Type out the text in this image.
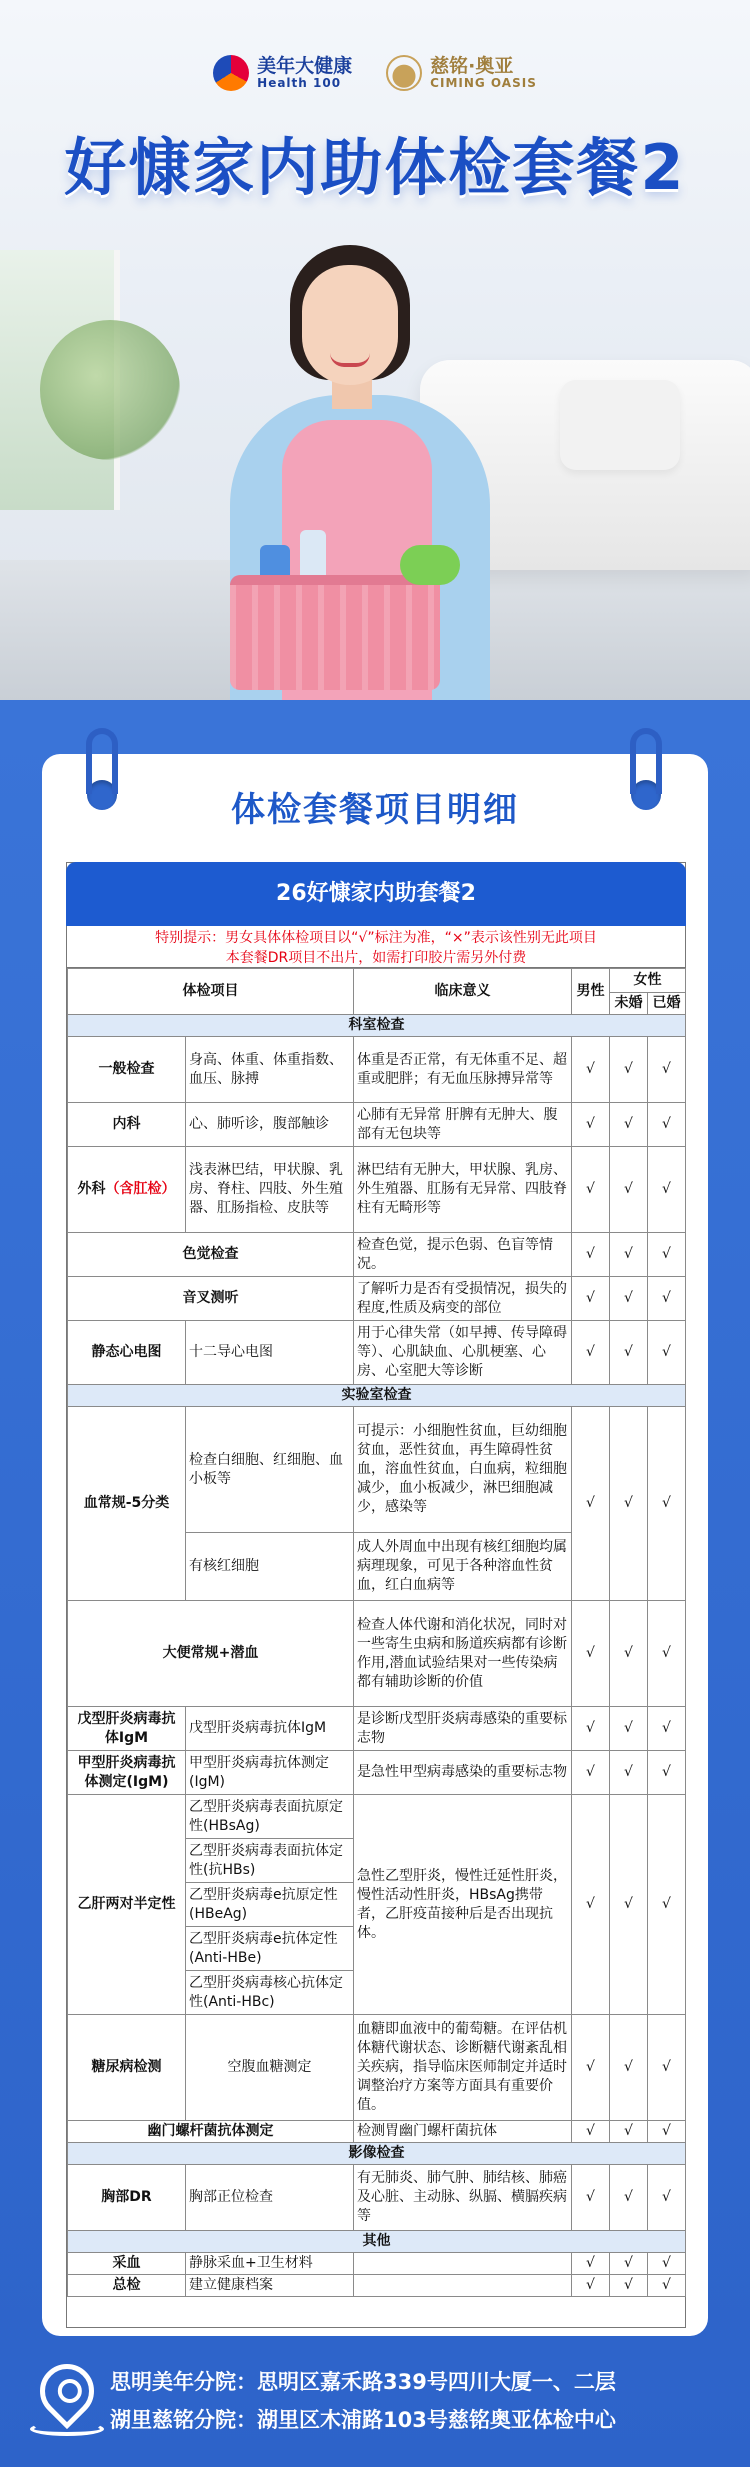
美年大健康
Health 100
慈铭·奥亚
CIMING OASIS
好慷家内助体检套餐2
体检套餐项目明细
26好慷家内助套餐2
特别提示：男女具体体检项目以“√”标注为准，“×”表示该性别无此项目
本套餐DR项目不出片，如需打印胶片需另外付费
体检项目		临床意义	男性	女性	
				未婚	已婚
科室检查					
一般检查	身高、体重、体重指数、血压、脉搏	体重是否正常，有无体重不足、超重或肥胖；有无血压脉搏异常等	√	√	√
内科	心、肺听诊，腹部触诊	心肺有无异常 肝脾有无肿大、腹部有无包块等	√	√	√
外科（含肛检）	浅表淋巴结，甲状腺、乳房、脊柱、四肢、外生殖器、肛肠指检、皮肤等	淋巴结有无肿大，甲状腺、乳房、外生殖器、肛肠有无异常、四肢脊柱有无畸形等	√	√	√
色觉检查		检查色觉，提示色弱、色盲等情况。	√	√	√
音叉测听		了解听力是否有受损情况，损失的程度,性质及病变的部位	√	√	√
静态心电图	十二导心电图	用于心律失常（如早搏、传导障碍等）、心肌缺血、心肌梗塞、心房、心室肥大等诊断	√	√	√
实验室检查					
血常规-5分类	检查白细胞、红细胞、血小板等	可提示：小细胞性贫血，巨幼细胞贫血，恶性贫血，再生障碍性贫血，溶血性贫血，白血病，粒细胞减少，血小板减少，淋巴细胞减少，感染等	√	√	√
	有核红细胞	成人外周血中出现有核红细胞均属病理现象，可见于各种溶血性贫血，红白血病等			
大便常规+潜血		检查人体代谢和消化状况，同时对一些寄生虫病和肠道疾病都有诊断作用,潜血试验结果对一些传染病都有辅助诊断的价值	√	√	√
戊型肝炎病毒抗体IgM	戊型肝炎病毒抗体IgM	是诊断戊型肝炎病毒感染的重要标志物	√	√	√
甲型肝炎病毒抗体测定(IgM)	甲型肝炎病毒抗体测定(IgM)	是急性甲型病毒感染的重要标志物	√	√	√
乙肝两对半定性	乙型肝炎病毒表面抗原定性(HBsAg)	急性乙型肝炎，慢性迁延性肝炎，慢性活动性肝炎，HBsAg携带者，乙肝疫苗接种后是否出现抗体。	√	√	√
	乙型肝炎病毒表面抗体定性(抗HBs)				
	乙型肝炎病毒e抗原定性(HBeAg)				
	乙型肝炎病毒e抗体定性(Anti-HBe)				
	乙型肝炎病毒核心抗体定性(Anti-HBc)				
糖尿病检测	空腹血糖测定	血糖即血液中的葡萄糖。在评估机体糖代谢状态、诊断糖代谢紊乱相关疾病，指导临床医师制定并适时调整治疗方案等方面具有重要价值。	√	√	√
幽门螺杆菌抗体测定		检测胃幽门螺杆菌抗体	√	√	√
影像检查					
胸部DR	胸部正位检查	有无肺炎、肺气肿、肺结核、肺癌及心脏、主动脉、纵膈、横膈疾病等	√	√	√
其他					
采血	静脉采血+卫生材料		√	√	√
总检	建立健康档案		√	√	√
思明美年分院：思明区嘉禾路339号四川大厦一、二层
湖里慈铭分院：湖里区木浦路103号慈铭奥亚体检中心
